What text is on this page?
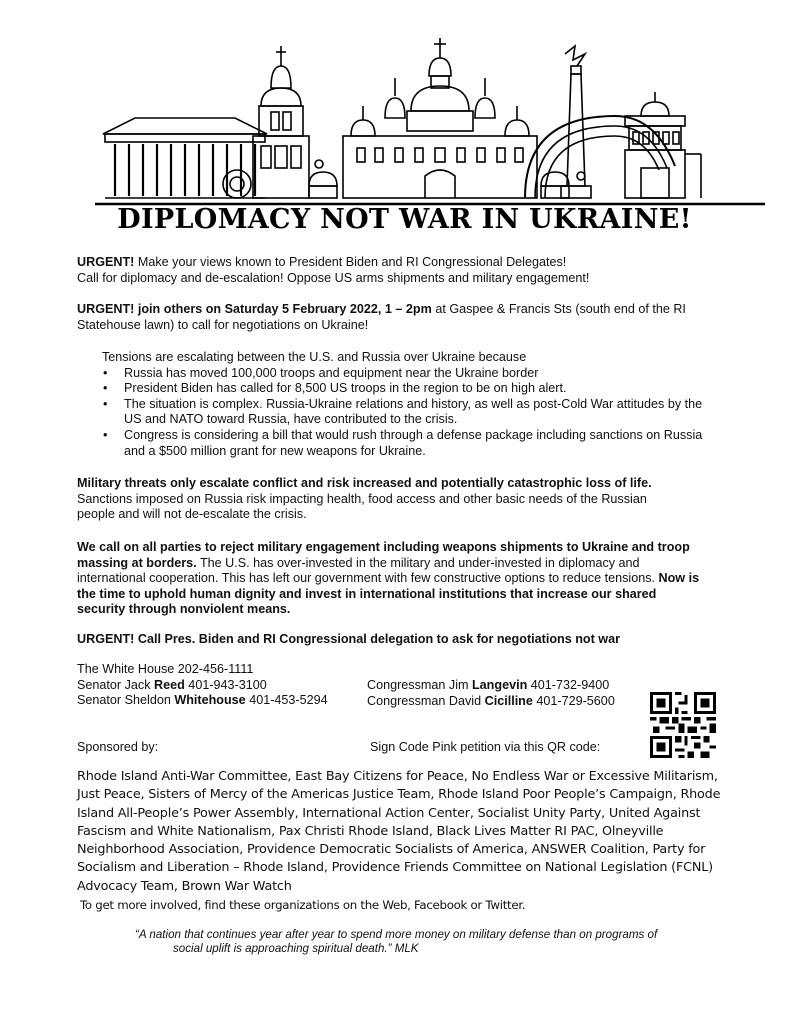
DIPLOMACY NOT WAR IN UKRAINE!

URGENT! Make your views known to President Biden and RI Congressional Delegates!
Call for diplomacy and de-escalation! Oppose US arms shipments and military engagement!

URGENT! join others on Saturday 5 February 2022, 1 – 2pm at Gaspee & Francis Sts (south end of the RI Statehouse lawn) to call for negotiations on Ukraine!

Tensions are escalating between the U.S. and Russia over Ukraine because
• Russia has moved 100,000 troops and equipment near the Ukraine border
• President Biden has called for 8,500 US troops in the region to be on high alert.
• The situation is complex. Russia-Ukraine relations and history, as well as post-Cold War attitudes by the US and NATO toward Russia, have contributed to the crisis.
• Congress is considering a bill that would rush through a defense package including sanctions on Russia and a $500 million grant for new weapons for Ukraine.

Military threats only escalate conflict and risk increased and potentially catastrophic loss of life. Sanctions imposed on Russia risk impacting health, food access and other basic needs of the Russian people and will not de-escalate the crisis.

We call on all parties to reject military engagement including weapons shipments to Ukraine and troop massing at borders. The U.S. has over-invested in the military and under-invested in diplomacy and international cooperation. This has left our government with few constructive options to reduce tensions. Now is the time to uphold human dignity and invest in international institutions that increase our shared security through nonviolent means.

URGENT! Call Pres. Biden and RI Congressional delegation to ask for negotiations not war

The White House 202-456-1111
Senator Jack Reed 401-943-3100
Senator Sheldon Whitehouse 401-453-5294
Congressman Jim Langevin 401-732-9400
Congressman David Cicilline 401-729-5600
Sponsored by:	Sign Code Pink petition via this QR code:

Rhode Island Anti-War Committee, East Bay Citizens for Peace, No Endless War or Excessive Militarism, Just Peace, Sisters of Mercy of the Americas Justice Team, Rhode Island Poor People’s Campaign, Rhode Island All-People’s Power Assembly, International Action Center, Socialist Unity Party, United Against Fascism and White Nationalism, Pax Christi Rhode Island, Black Lives Matter RI PAC, Olneyville Neighborhood Association, Providence Democratic Socialists of America, ANSWER Coalition, Party for Socialism and Liberation – Rhode Island, Providence Friends Committee on National Legislation (FCNL) Advocacy Team, Brown War Watch

To get more involved, find these organizations on the Web, Facebook or Twitter.
“A nation that continues year after year to spend more money on military defense than on programs of
social uplift is approaching spiritual death.” MLK
